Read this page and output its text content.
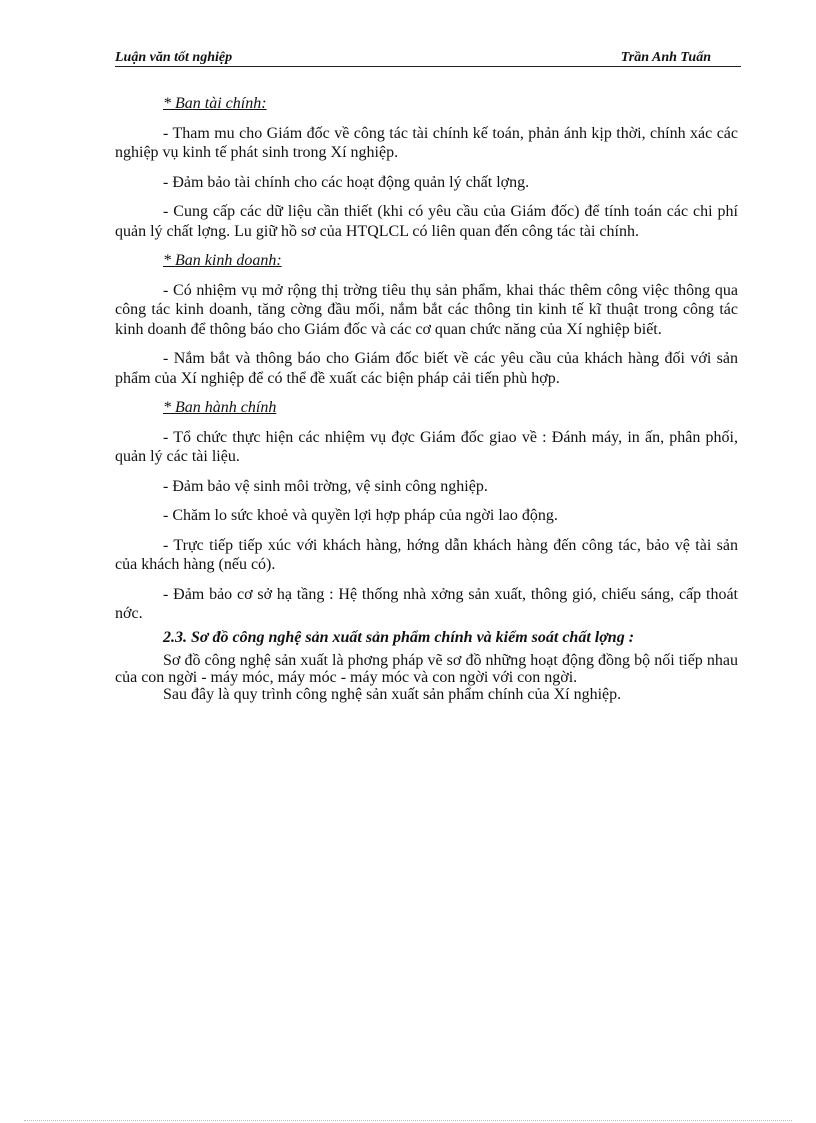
Luận văn tốt nghiệp	Trần Anh Tuấn
* Ban tài chính:

- Tham mu cho Giám đốc về công tác tài chính kế toán, phản ánh kịp thời, chính xác các nghiệp vụ kinh tế phát sinh trong Xí nghiệp.

- Đảm bảo tài chính cho các hoạt động quản lý chất lợng.

- Cung cấp các dữ liệu cần thiết (khi có yêu cầu của Giám đốc) để tính toán các chi phí quản lý chất lợng. Lu giữ hồ sơ của HTQLCL có liên quan đến công tác tài chính.

* Ban kinh doanh:

- Có nhiệm vụ mở rộng thị trờng tiêu thụ sản phẩm, khai thác thêm công việc thông qua công tác kinh doanh, tăng cờng đầu mối, nắm bắt các thông tin kinh tế kĩ thuật trong công tác kinh doanh để thông báo cho Giám đốc và các cơ quan chức năng của Xí nghiệp biết.

- Nắm bắt và thông báo cho Giám đốc biết về các yêu cầu của khách hàng đối với sản phẩm của Xí nghiệp để có thể đề xuất các biện pháp cải tiến phù hợp.

* Ban hành chính

- Tổ chức thực hiện các nhiệm vụ đợc Giám đốc giao về : Đánh máy, in ấn, phân phối, quản lý các tài liệu.

- Đảm bảo vệ sinh môi trờng, vệ sinh công nghiệp.

- Chăm lo sức khoẻ và quyền lợi hợp pháp của ngời lao động.

- Trực tiếp tiếp xúc với khách hàng, hớng dẫn khách hàng đến công tác, bảo vệ tài sản của khách hàng (nếu có).

- Đảm bảo cơ sở hạ tầng : Hệ thống nhà xởng sản xuất, thông gió, chiếu sáng, cấp thoát nớc.

2.3. Sơ đồ công nghệ sản xuất sản phẩm chính và kiểm soát chất lợng :

Sơ đồ công nghệ sản xuất là phơng pháp vẽ sơ đồ những hoạt động đồng bộ nối tiếp nhau của con ngời - máy móc, máy móc - máy móc và con ngời với con ngời.

Sau đây là quy trình công nghệ sản xuất sản phẩm chính của Xí nghiệp.
